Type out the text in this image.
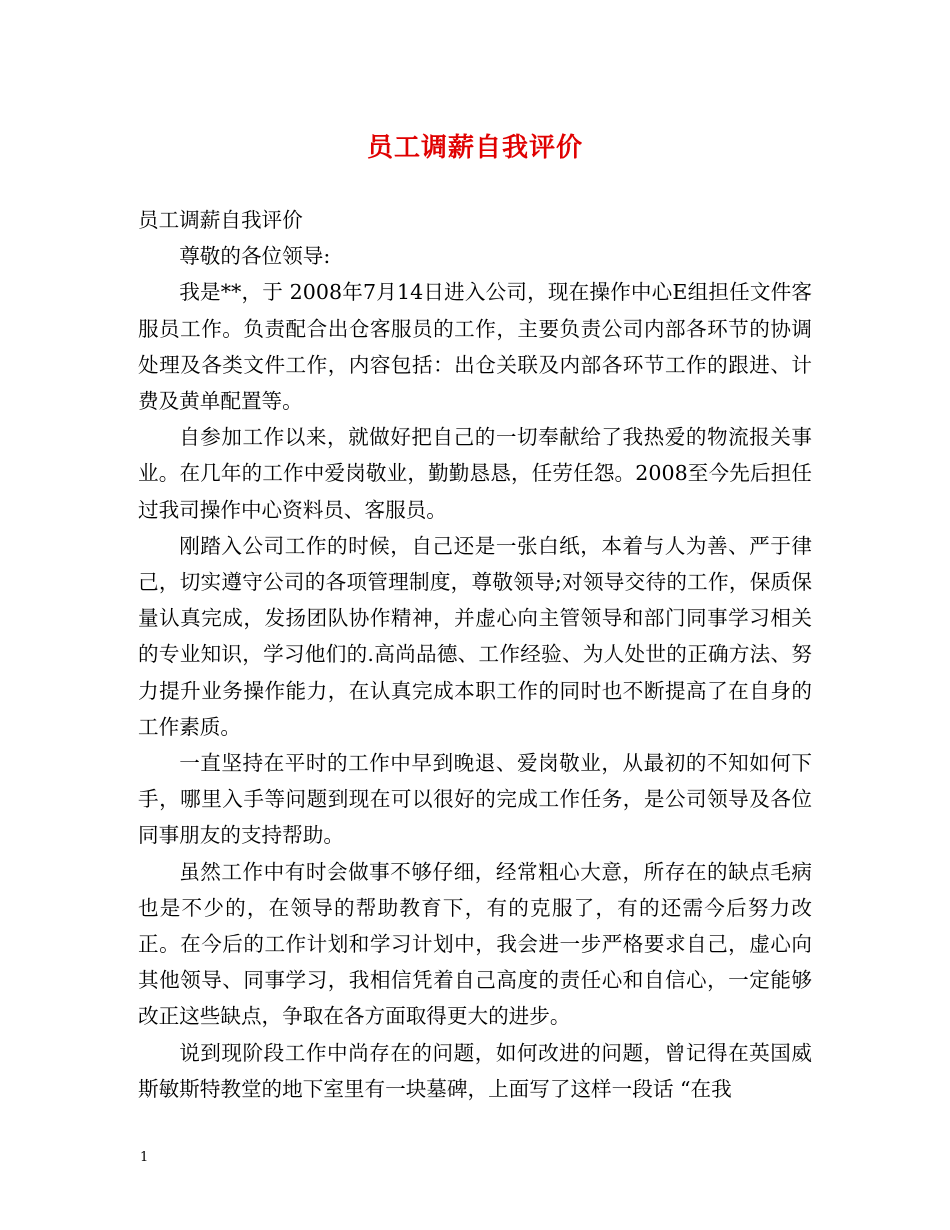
员工调薪自我评价

员工调薪自我评价

尊敬的各位领导:

我是**，于 2008年7月14日进入公司，现在操作中心E组担任文件客服员工作。负责配合出仓客服员的工作，主要负责公司内部各环节的协调处理及各类文件工作，内容包括：出仓关联及内部各环节工作的跟进、计费及黄单配置等。

自参加工作以来，就做好把自己的一切奉献给了我热爱的物流报关事业。在几年的工作中爱岗敬业，勤勤恳恳，任劳任怨。2008至今先后担任过我司操作中心资料员、客服员。

刚踏入公司工作的时候，自己还是一张白纸，本着与人为善、严于律己，切实遵守公司的各项管理制度，尊敬领导;对领导交待的工作，保质保量认真完成，发扬团队协作精神，并虚心向主管领导和部门同事学习相关的专业知识，学习他们的.高尚品德、工作经验、为人处世的正确方法、努力提升业务操作能力，在认真完成本职工作的同时也不断提高了在自身的工作素质。

一直坚持在平时的工作中早到晚退、爱岗敬业，从最初的不知如何下手，哪里入手等问题到现在可以很好的完成工作任务，是公司领导及各位同事朋友的支持帮助。

虽然工作中有时会做事不够仔细，经常粗心大意，所存在的缺点毛病也是不少的，在领导的帮助教育下，有的克服了，有的还需今后努力改正。在今后的工作计划和学习计划中，我会进一步严格要求自己，虚心向其他领导、同事学习，我相信凭着自己高度的责任心和自信心，一定能够改正这些缺点，争取在各方面取得更大的进步。

说到现阶段工作中尚存在的问题，如何改进的问题，曾记得在英国威斯敏斯特教堂的地下室里有一块墓碑，上面写了这样一段话 “在我

1
